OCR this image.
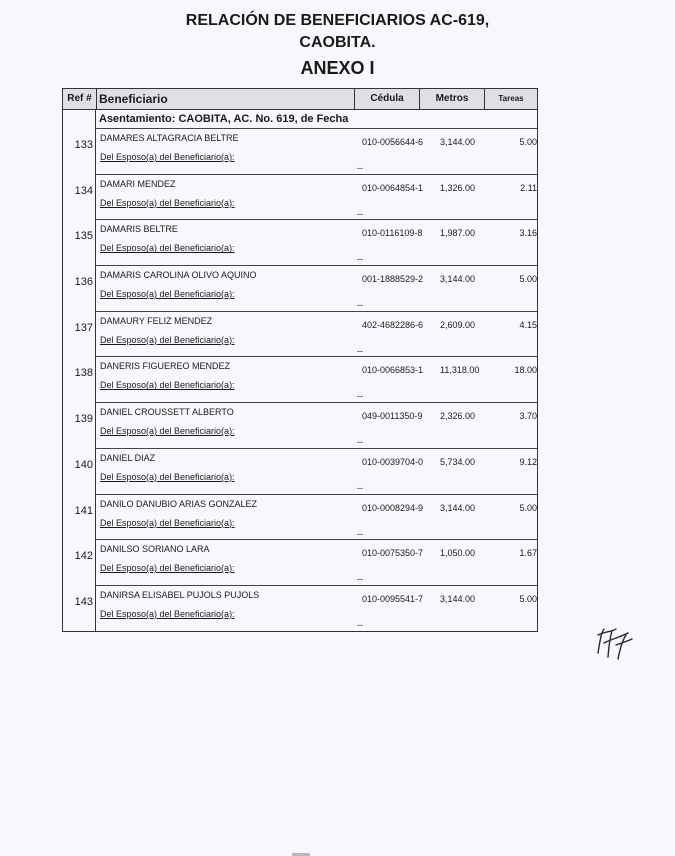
RELACIÓN DE BENEFICIARIOS AC-619,
CAOBITA.
ANEXO I
Ref # Beneficiario	Cédula	Metros	Tareas
Asentamiento: CAOBITA, AC. No. 619, de Fecha
133
DAMARES ALTAGRACIA BELTRE	010-0056644-6 3,144.00	5.00
Del Esposo(a) del Beneficiario(a):
--
134
DAMARI MENDEZ	010-0064854-1 1,326.00	2.11
Del Esposo(a) del Beneficiario(a):
--
135
DAMARIS BELTRE	010-0116109-8 1,987.00	3.16
Del Esposo(a) del Beneficiario(a):
--
136
DAMARIS CAROLINA OLIVO AQUINO	001-1888529-2 3,144.00	5.00
Del Esposo(a) del Beneficiario(a):
--
137
DAMAURY FELIZ MENDEZ	402-4682286-6 2,609.00	4.15
Del Esposo(a) del Beneficiario(a):
--
138
DANERIS FIGUEREO MENDEZ	010-0066853-1 11,318.00	18.00
Del Esposo(a) del Beneficiario(a):
--
139
DANIEL CROUSSETT ALBERTO	049-0011350-9 2,326.00	3.70
Del Esposo(a) del Beneficiario(a):
--
140
DANIEL DIAZ	010-0039704-0 5,734.00	9.12
Del Esposo(a) del Beneficiario(a):
--
141
DANILO DANUBIO ARIAS GONZALEZ	010-0008294-9 3,144.00	5.00
Del Esposo(a) del Beneficiario(a):
--
142
DANILSO SORIANO LARA	010-0075350-7 1,050.00	1.67
Del Esposo(a) del Beneficiario(a):
--
143
DANIRSA ELISABEL PUJOLS PUJOLS	010-0095541-7 3,144.00	5.00
Del Esposo(a) del Beneficiario(a):
--
